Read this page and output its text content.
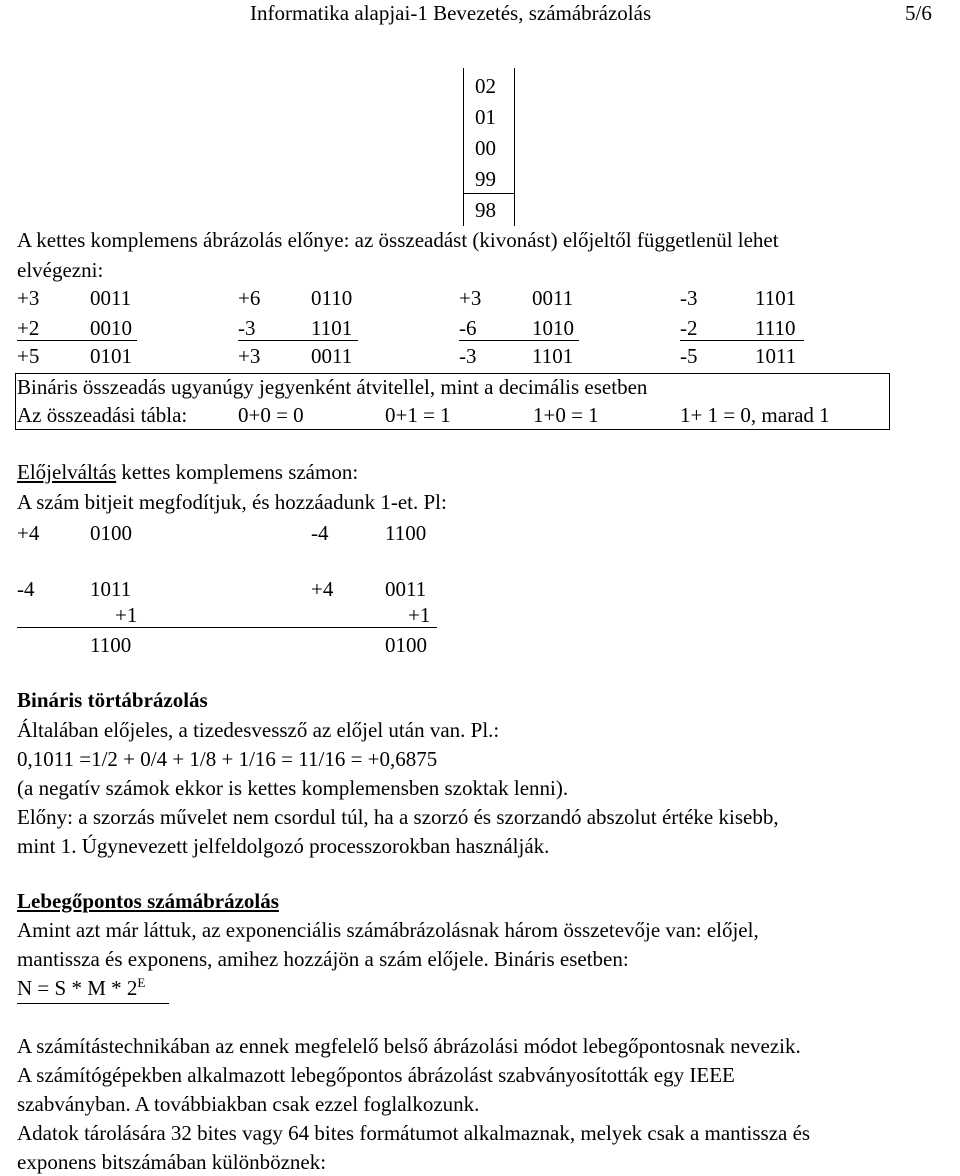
Informatika alapjai-1 Bevezetés, számábrázolás	5/6
02
01
00
99
98
A kettes komplemens ábrázolás előnye: az összeadást (kivonást) előjeltől függetlenül lehet
elvégezni:
+3 0011	+6 0110	+3 0011	-3	1101
+2 0010	-3	1101	-6	1010	-2	1110
+5 0101	+3 0011	-3	1101	-5	1011
Bináris összeadás ugyanúgy jegyenként átvitellel, mint a decimális esetben
Az összeadási tábla: 0+0 = 0	0+1 = 1	1+0 = 1	1+ 1 = 0, marad 1
Előjelváltás kettes komplemens számon:
A szám bitjeit megfodítjuk, és hozzáadunk 1-et. Pl:
+4 0100	-4	1100
-4	1011	+4 0011
+1	+1
1100	0100
Bináris törtábrázolás
Általában előjeles, a tizedesvessző az előjel után van. Pl.:
0,1011 =1/2 + 0/4 + 1/8 + 1/16 = 11/16 = +0,6875
(a negatív számok ekkor is kettes komplemensben szoktak lenni).
Előny: a szorzás művelet nem csordul túl, ha a szorzó és szorzandó abszolut értéke kisebb,
mint 1. Úgynevezett jelfeldolgozó processzorokban használják.
Lebegőpontos számábrázolás
Amint azt már láttuk, az exponenciális számábrázolásnak három összetevője van: előjel,
mantissza és exponens, amihez hozzájön a szám előjele. Bináris esetben:
$N = S * M * 2^E$
A számítástechnikában az ennek megfelelő belső ábrázolási módot lebegőpontosnak nevezik.
A számítógépekben alkalmazott lebegőpontos ábrázolást szabványosították egy IEEE
szabványban. A továbbiakban csak ezzel foglalkozunk.
Adatok tárolására 32 bites vagy 64 bites formátumot alkalmaznak, melyek csak a mantissza és
exponens bitszámában különböznek:
